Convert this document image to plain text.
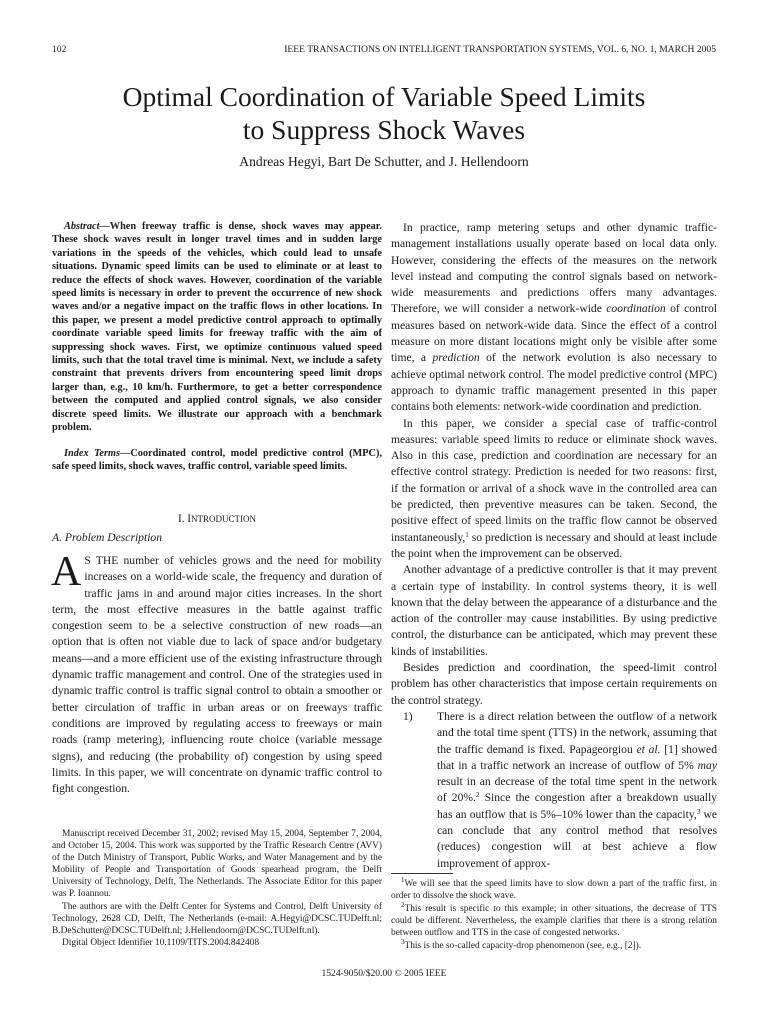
102	IEEE TRANSACTIONS ON INTELLIGENT TRANSPORTATION SYSTEMS, VOL. 6, NO. 1, MARCH 2005
Optimal Coordination of Variable Speed Limits
to Suppress Shock Waves
Andreas Hegyi, Bart De Schutter, and J. Hellendoorn
Abstract—When freeway traffic is dense, shock waves may appear. These shock waves result in longer travel times and in sudden large variations in the speeds of the vehicles, which could lead to unsafe situations. Dynamic speed limits can be used to eliminate or at least to reduce the effects of shock waves. However, coordination of the variable speed limits is necessary in order to prevent the occurrence of new shock waves and/or a negative impact on the traffic flows in other locations. In this paper, we present a model predictive control approach to optimally coordinate variable speed limits for freeway traffic with the aim of suppressing shock waves. First, we optimize continuous valued speed limits, such that the total travel time is minimal. Next, we include a safety constraint that prevents drivers from encountering speed limit drops larger than, e.g., 10 km/h. Furthermore, to get a better correspondence between the computed and applied control signals, we also consider discrete speed limits. We illustrate our approach with a benchmark problem.
Index Terms—Coordinated control, model predictive control (MPC), safe speed limits, shock waves, traffic control, variable speed limits.
I. INTRODUCTION
A. Problem Description

A S THE number of vehicles grows and the need for mobility increases on a world-wide scale, the frequency and duration of traffic jams in and around major cities increases. In the short term, the most effective measures in the battle against traffic congestion seem to be a selective construction of new roads—an option that is often not viable due to lack of space and/or budgetary means—and a more efficient use of the existing infrastructure through dynamic traffic management and control. One of the strategies used in dynamic traffic control is traffic signal control to obtain a smoother or better circulation of traffic in urban areas or on freeways traffic conditions are improved by regulating access to freeways or main roads (ramp metering), influencing route choice (variable message signs), and reducing (the probability of) congestion by using speed limits. In this paper, we will concentrate on dynamic traffic control to fight congestion.

Manuscript received December 31, 2002; revised May 15, 2004, September 7, 2004, and October 15, 2004. This work was supported by the Traffic Research Centre (AVV) of the Dutch Ministry of Transport, Public Works, and Water Management and by the Mobility of People and Transportation of Goods spearhead program, the Delft University of Technology, Delft, The Netherlands. The Associate Editor for this paper was P. Ioannou.

The authors are with the Delft Center for Systems and Control, Delft University of Technology, 2628 CD, Delft, The Netherlands (e-mail: A.Hegyi@DCSC.TUDelft.nl; B.DeSchutter@DCSC.TUDelft.nl; J.Hellendoorn@DCSC.TUDelft.nl).

Digital Object Identifier 10.1109/TITS.2004.842408

In practice, ramp metering setups and other dynamic traffic-management installations usually operate based on local data only. However, considering the effects of the measures on the network level instead and computing the control signals based on network-wide measurements and predictions offers many advantages. Therefore, we will consider a network-wide coordination of control measures based on network-wide data. Since the effect of a control measure on more distant locations might only be visible after some time, a prediction of the network evolution is also necessary to achieve optimal network control. The model predictive control (MPC) approach to dynamic traffic management presented in this paper contains both elements: network-wide coordination and prediction.

In this paper, we consider a special case of traffic-control measures: variable speed limits to reduce or eliminate shock waves. Also in this case, prediction and coordination are necessary for an effective control strategy. Prediction is needed for two reasons: first, if the formation or arrival of a shock wave in the controlled area can be predicted, then preventive measures can be taken. Second, the positive effect of speed limits on the traffic flow cannot be observed instantaneously,$^1$ so prediction is necessary and should at least include the point when the improvement can be observed.

Another advantage of a predictive controller is that it may prevent a certain type of instability. In control systems theory, it is well known that the delay between the appearance of a disturbance and the action of the controller may cause instabilities. By using predictive control, the disturbance can be anticipated, which may prevent these kinds of instabilities.

Besides prediction and coordination, the speed-limit control problem has other characteristics that impose certain requirements on the control strategy.

1) There is a direct relation between the outflow of a network and the total time spent (TTS) in the network, assuming that the traffic demand is fixed. Papageorgiou et al. [1] showed that in a traffic network an increase of outflow of 5% may result in an decrease of the total time spent in the network of 20%.$^2$ Since the congestion after a breakdown usually has an outflow that is 5%–10% lower than the capacity,$^3$ we can conclude that any control method that resolves (reduces) congestion will at best achieve a flow improvement of approx-

$^1$We will see that the speed limits have to slow down a part of the traffic first, in order to dissolve the shock wave.

$^2$This result is specific to this example; in other situations, the decrease of TTS could be different. Nevertheless, the example clarifies that there is a strong relation between outflow and TTS in the case of congested networks.

$^3$This is the so-called capacity-drop phenomenon (see, e.g., [2]).

1524-9050/$20.00 © 2005 IEEE
